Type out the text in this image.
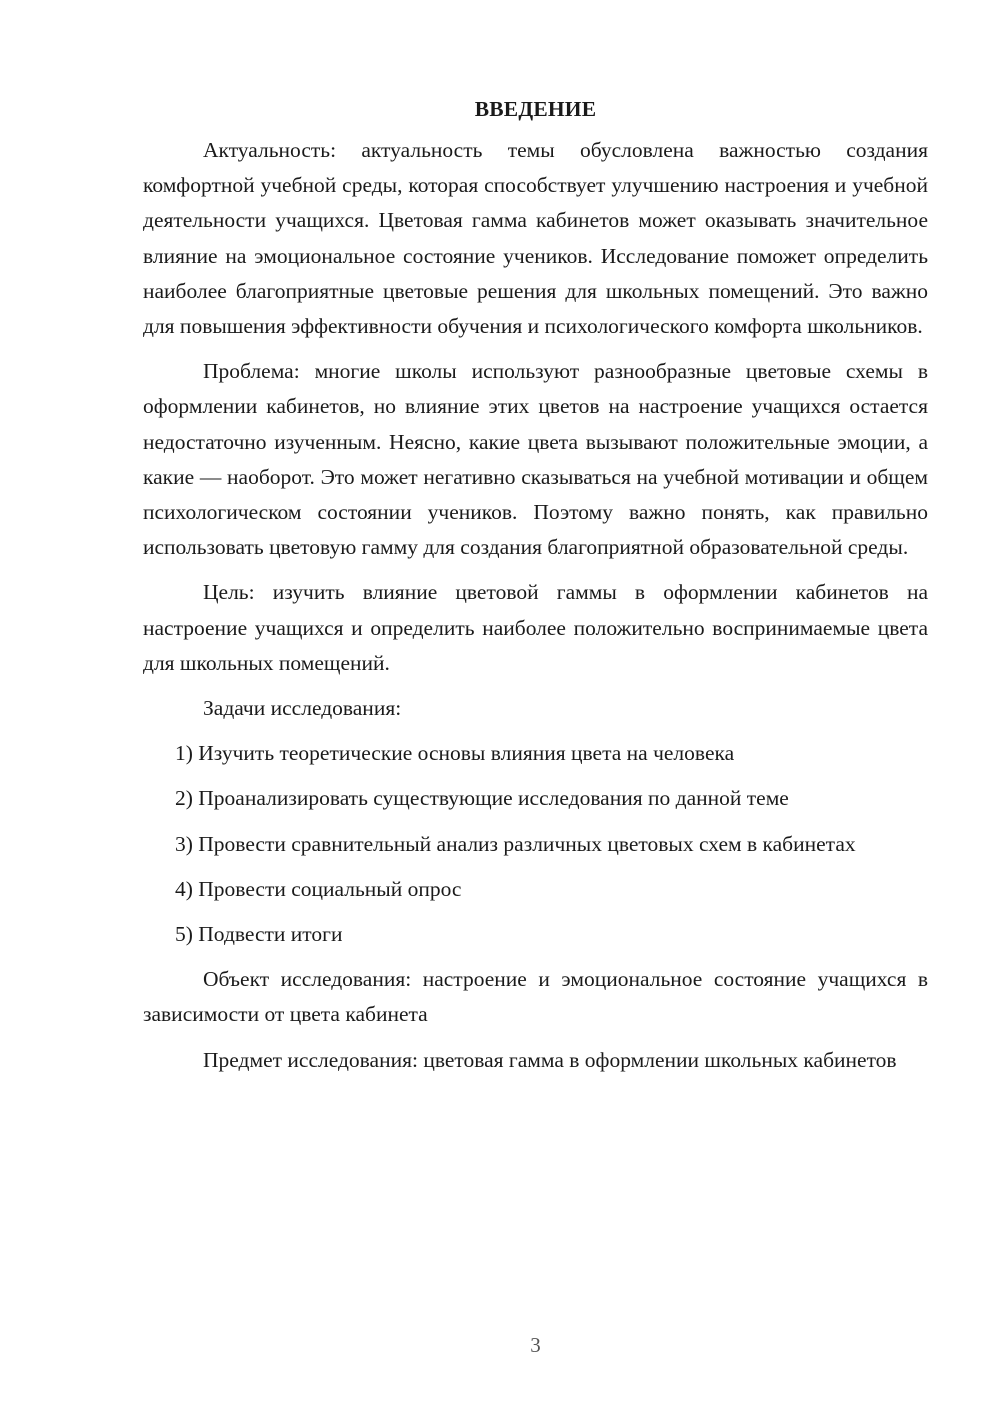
ВВЕДЕНИЕ

Актуальность: актуальность темы обусловлена важностью создания комфортной учебной среды, которая способствует улучшению настроения и учебной деятельности учащихся. Цветовая гамма кабинетов может оказывать значительное влияние на эмоциональное состояние учеников. Исследование поможет определить наиболее благоприятные цветовые решения для школьных помещений. Это важно для повышения эффективности обучения и психологического комфорта школьников.

Проблема: многие школы используют разнообразные цветовые схемы в оформлении кабинетов, но влияние этих цветов на настроение учащихся остается недостаточно изученным. Неясно, какие цвета вызывают положительные эмоции, а какие — наоборот. Это может негативно сказываться на учебной мотивации и общем психологическом состоянии учеников. Поэтому важно понять, как правильно использовать цветовую гамму для создания благоприятной образовательной среды.

Цель: изучить влияние цветовой гаммы в оформлении кабинетов на настроение учащихся и определить наиболее положительно воспринимаемые цвета для школьных помещений.

Задачи исследования:

1) Изучить теоретические основы влияния цвета на человека

2) Проанализировать существующие исследования по данной теме

3) Провести сравнительный анализ различных цветовых схем в кабинетах

4) Провести социальный опрос

5) Подвести итоги

Объект исследования: настроение и эмоциональное состояние учащихся в зависимости от цвета кабинета

Предмет исследования: цветовая гамма в оформлении школьных кабинетов

3
